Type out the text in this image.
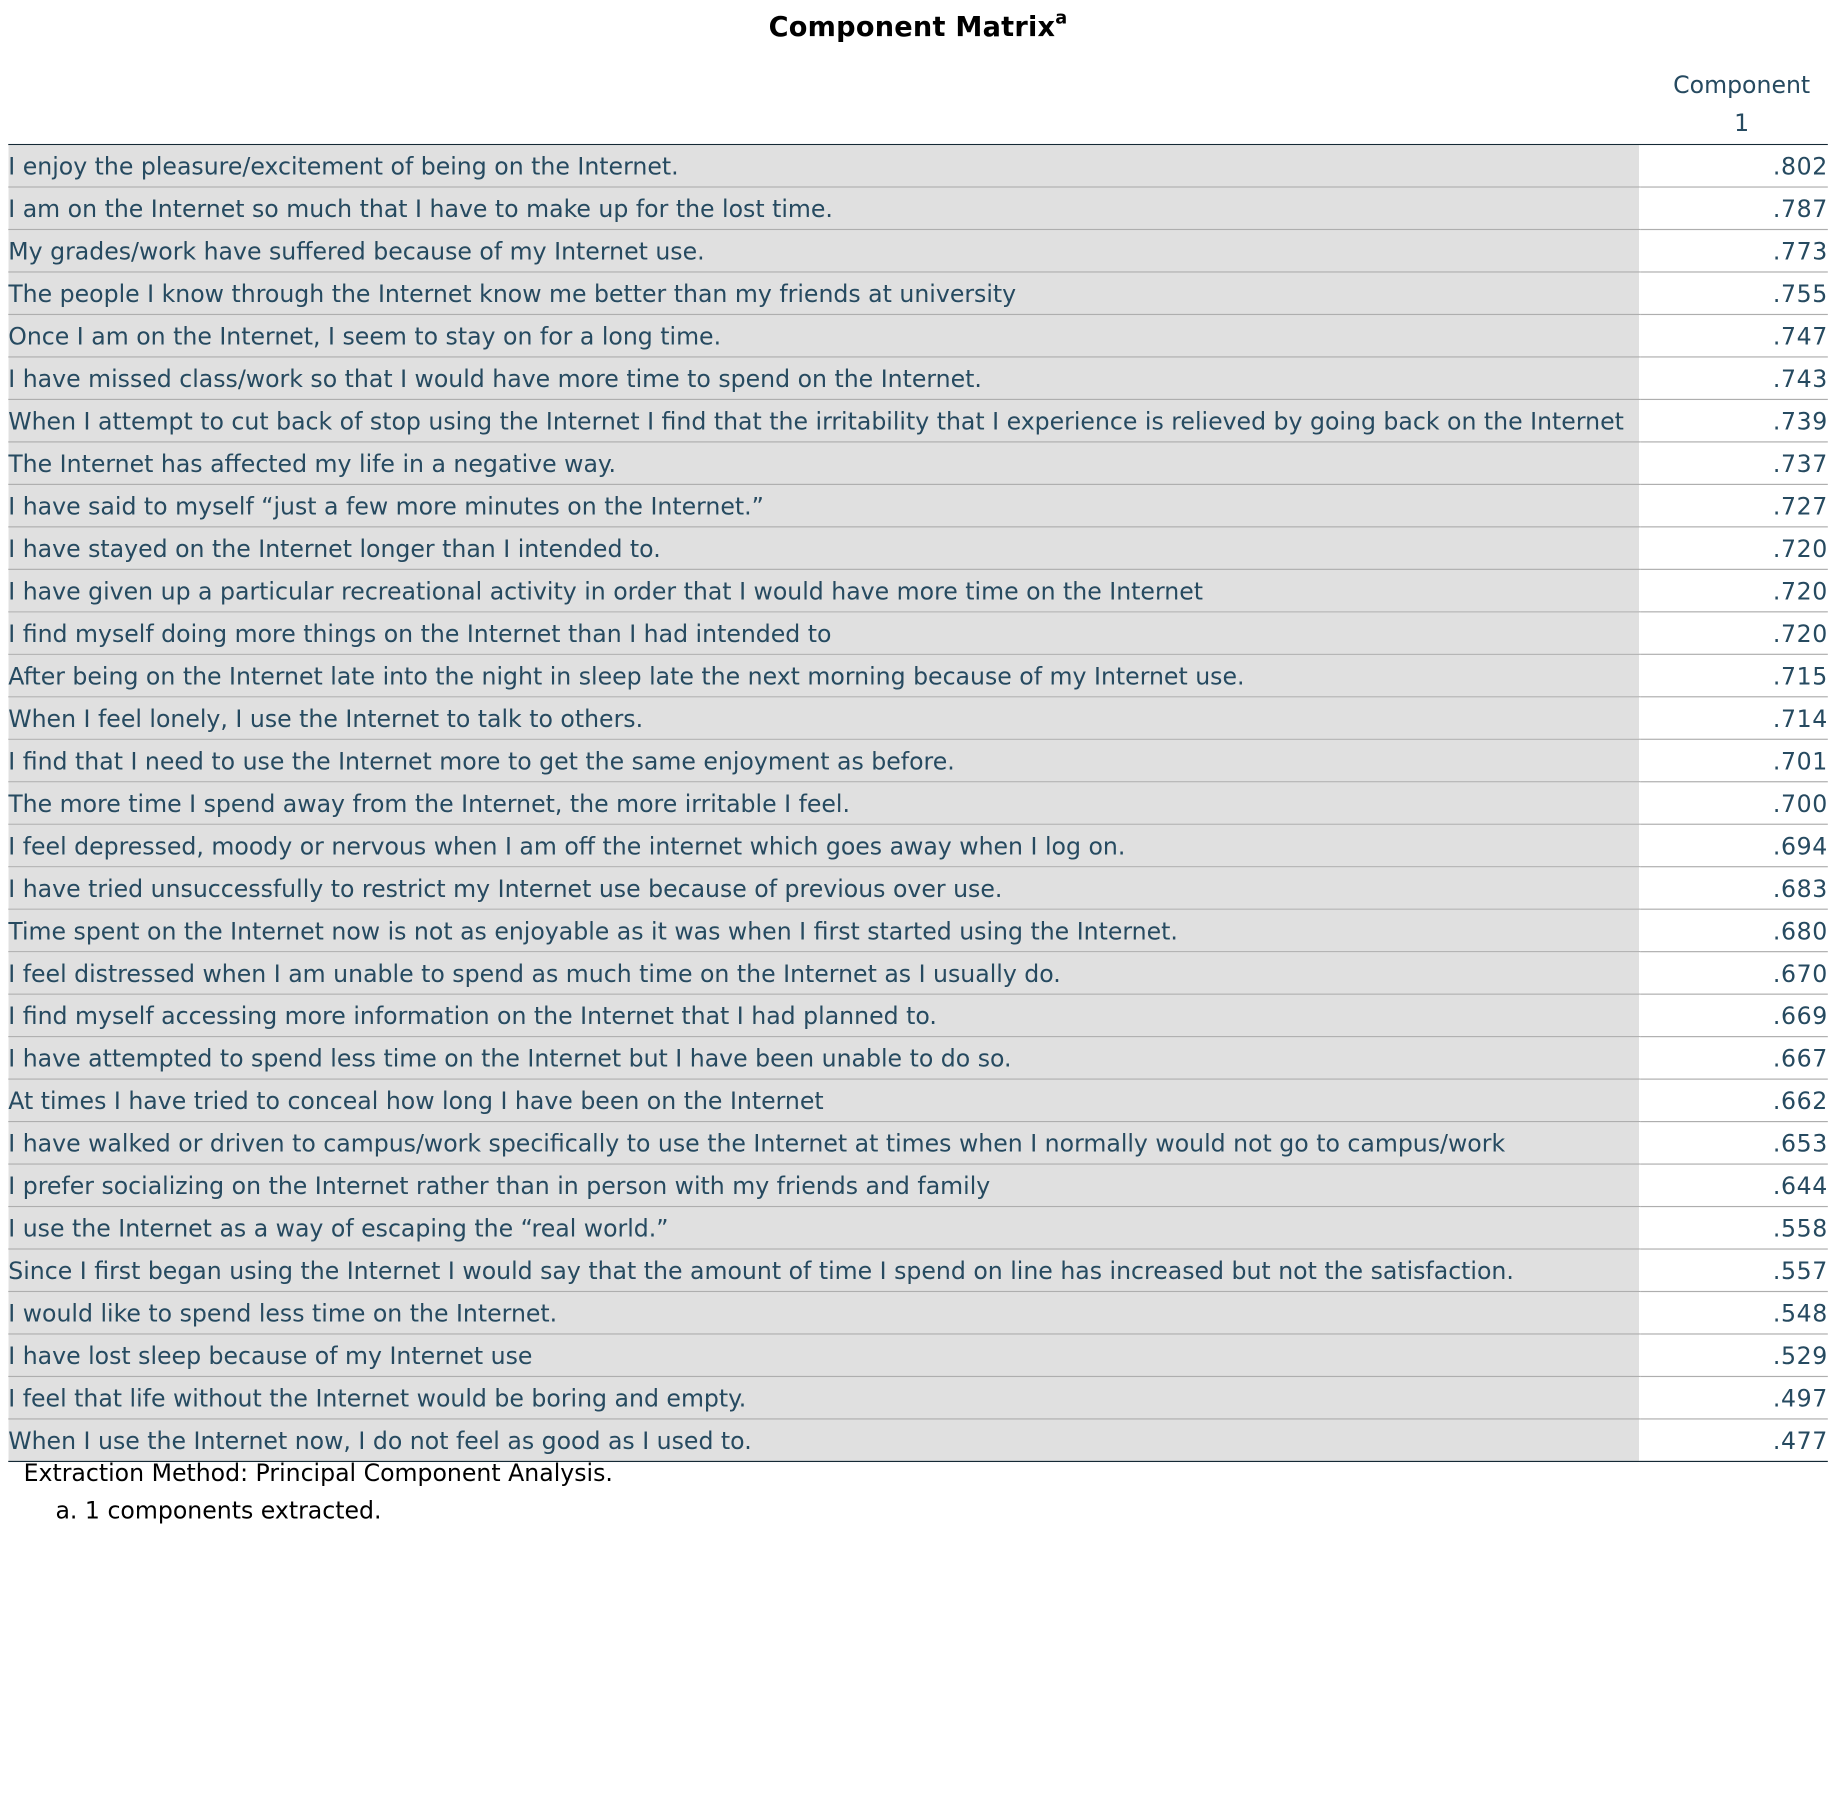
Component Matrix$^a$
Component
1
I enjoy the pleasure/excitement of being on the Internet.	.802
I am on the Internet so much that I have to make up for the lost time.	.787
My grades/work have suffered because of my Internet use.	.773
The people I know through the Internet know me better than my friends at university	.755
Once I am on the Internet, I seem to stay on for a long time.	.747
I have missed class/work so that I would have more time to spend on the Internet.	.743
When I attempt to cut back of stop using the Internet I find that the irritability that I experience is relieved by going back on the Internet	.739
The Internet has affected my life in a negative way.	.737
I have said to myself “just a few more minutes on the Internet.”	.727
I have stayed on the Internet longer than I intended to.	.720
I have given up a particular recreational activity in order that I would have more time on the Internet	.720
I find myself doing more things on the Internet than I had intended to	.720
After being on the Internet late into the night in sleep late the next morning because of my Internet use.	.715
When I feel lonely, I use the Internet to talk to others.	.714
I find that I need to use the Internet more to get the same enjoyment as before.	.701
The more time I spend away from the Internet, the more irritable I feel.	.700
I feel depressed, moody or nervous when I am off the internet which goes away when I log on.	.694
I have tried unsuccessfully to restrict my Internet use because of previous over use.	.683
Time spent on the Internet now is not as enjoyable as it was when I first started using the Internet.	.680
I feel distressed when I am unable to spend as much time on the Internet as I usually do.	.670
I find myself accessing more information on the Internet that I had planned to.	.669
I have attempted to spend less time on the Internet but I have been unable to do so.	.667
At times I have tried to conceal how long I have been on the Internet	.662
I have walked or driven to campus/work specifically to use the Internet at times when I normally would not go to campus/work	.653
I prefer socializing on the Internet rather than in person with my friends and family	.644
I use the Internet as a way of escaping the “real world.”	.558
Since I first began using the Internet I would say that the amount of time I spend on line has increased but not the satisfaction.	.557
I would like to spend less time on the Internet.	.548
I have lost sleep because of my Internet use	.529
I feel that life without the Internet would be boring and empty.	.497
When I use the Internet now, I do not feel as good as I used to.	.477
Extraction Method: Principal Component Analysis.
a. 1 components extracted.
